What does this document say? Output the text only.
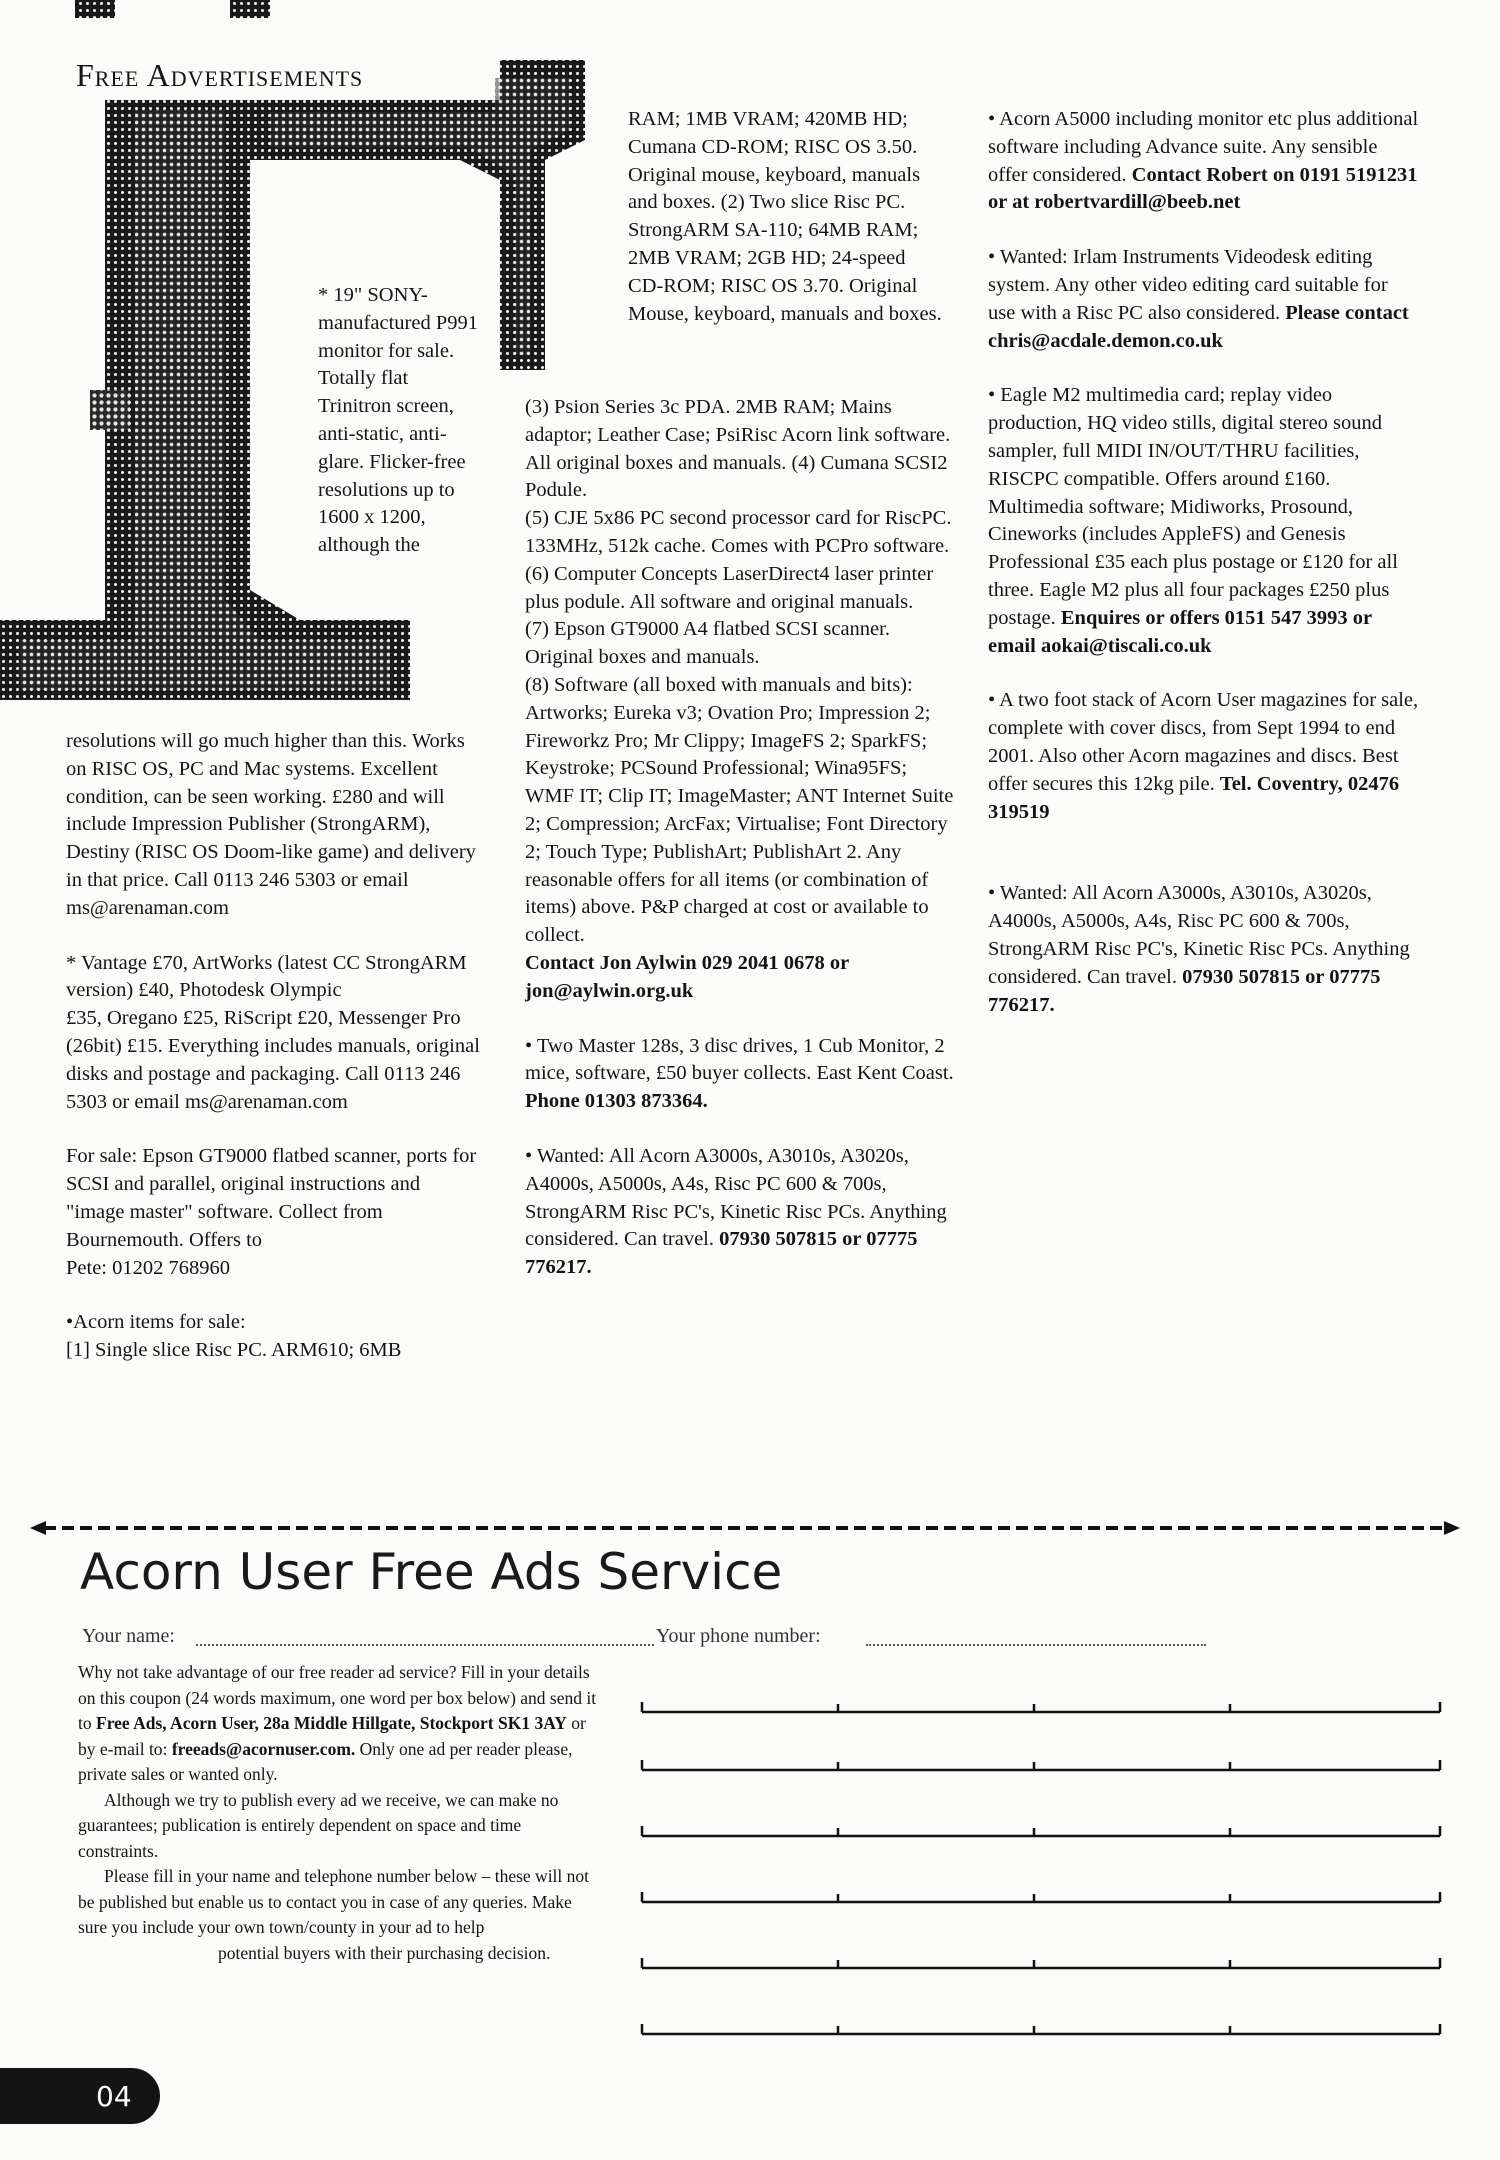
Free Advertisements
* 19" SONY-manufactured P991 monitor for sale. Totally flat Trinitron screen, anti-static, anti-glare. Flicker-free resolutions up to 1600 x 1200, although the

resolutions will go much higher than this. Works on RISC OS, PC and Mac systems. Excellent condition, can be seen working. £280 and will include Impression Publisher (StrongARM), Destiny (RISC OS Doom-like game) and delivery in that price. Call 0113 246 5303 or email ms@arenaman.com

* Vantage £70, ArtWorks (latest CC StrongARM version) £40, Photodesk Olympic

£35, Oregano £25, RiScript £20, Messenger Pro (26bit) £15. Everything includes manuals, original disks and postage and packaging. Call 0113 246 5303 or email ms@arenaman.com

For sale: Epson GT9000 flatbed scanner, ports for SCSI and parallel, original instructions and "image master" software. Collect from Bournemouth. Offers to

Pete: 01202 768960

•Acorn items for sale:

[1] Single slice Risc PC. ARM610; 6MB

RAM; 1MB VRAM; 420MB HD; Cumana CD-ROM; RISC OS 3.50. Original mouse, keyboard, manuals and boxes. (2) Two slice Risc PC. StrongARM SA-110; 64MB RAM; 2MB VRAM; 2GB HD; 24-speed CD-ROM; RISC OS 3.70. Original Mouse, keyboard, manuals and boxes.

(3) Psion Series 3c PDA. 2MB RAM; Mains adaptor; Leather Case; PsiRisc Acorn link software. All original boxes and manuals. (4) Cumana SCSI2 Podule.

(5) CJE 5x86 PC second processor card for RiscPC. 133MHz, 512k cache. Comes with PCPro software.

(6) Computer Concepts LaserDirect4 laser printer plus podule. All software and original manuals.

(7) Epson GT9000 A4 flatbed SCSI scanner. Original boxes and manuals.

(8) Software (all boxed with manuals and bits): Artworks; Eureka v3; Ovation Pro; Impression 2; Fireworkz Pro; Mr Clippy; ImageFS 2; SparkFS; Keystroke; PCSound Professional; Wina95FS; WMF IT; Clip IT; ImageMaster; ANT Internet Suite 2; Compression; ArcFax; Virtualise; Font Directory 2; Touch Type; PublishArt; PublishArt 2. Any reasonable offers for all items (or combination of items) above. P&P charged at cost or available to collect.

Contact Jon Aylwin 029 2041 0678 or jon@aylwin.org.uk

• Two Master 128s, 3 disc drives, 1 Cub Monitor, 2 mice, software, £50 buyer collects. East Kent Coast. Phone 01303 873364.

• Wanted: All Acorn A3000s, A3010s, A3020s, A4000s, A5000s, A4s, Risc PC 600 & 700s, StrongARM Risc PC's, Kinetic Risc PCs. Anything considered. Can travel. 07930 507815 or 07775 776217.

• Acorn A5000 including monitor etc plus additional software including Advance suite. Any sensible offer considered. Contact Robert on 0191 5191231 or at robertvardill@beeb.net

• Wanted: Irlam Instruments Videodesk editing system. Any other video editing card suitable for use with a Risc PC also considered. Please contact chris@acdale.demon.co.uk

• Eagle M2 multimedia card; replay video production, HQ video stills, digital stereo sound sampler, full MIDI IN/OUT/THRU facilities, RISCPC compatible. Offers around £160. Multimedia software; Midiworks, Prosound, Cineworks (includes AppleFS) and Genesis Professional £35 each plus postage or £120 for all three. Eagle M2 plus all four packages £250 plus postage. Enquires or offers 0151 547 3993 or email aokai@tiscali.co.uk

• A two foot stack of Acorn User magazines for sale, complete with cover discs, from Sept 1994 to end 2001. Also other Acorn magazines and discs. Best offer secures this 12kg pile. Tel. Coventry, 02476 319519

• Wanted: All Acorn A3000s, A3010s, A3020s, A4000s, A5000s, A4s, Risc PC 600 & 700s, StrongARM Risc PC's, Kinetic Risc PCs. Anything considered. Can travel. 07930 507815 or 07775 776217.

Acorn User Free Ads Service
Your name:	Your phone number:

Why not take advantage of our free reader ad service? Fill in your details on this coupon (24 words maximum, one word per box below) and send it to Free Ads, Acorn User, 28a Middle Hillgate, Stockport SK1 3AY or by e-mail to: freeads@acornuser.com. Only one ad per reader please, private sales or wanted only.

Although we try to publish every ad we receive, we can make no guarantees; publication is entirely dependent on space and time constraints.

Please fill in your name and telephone number below – these will not be published but enable us to contact you in case of any queries. Make sure you include your own town/county in your ad to help

potential buyers with their purchasing decision.

04
